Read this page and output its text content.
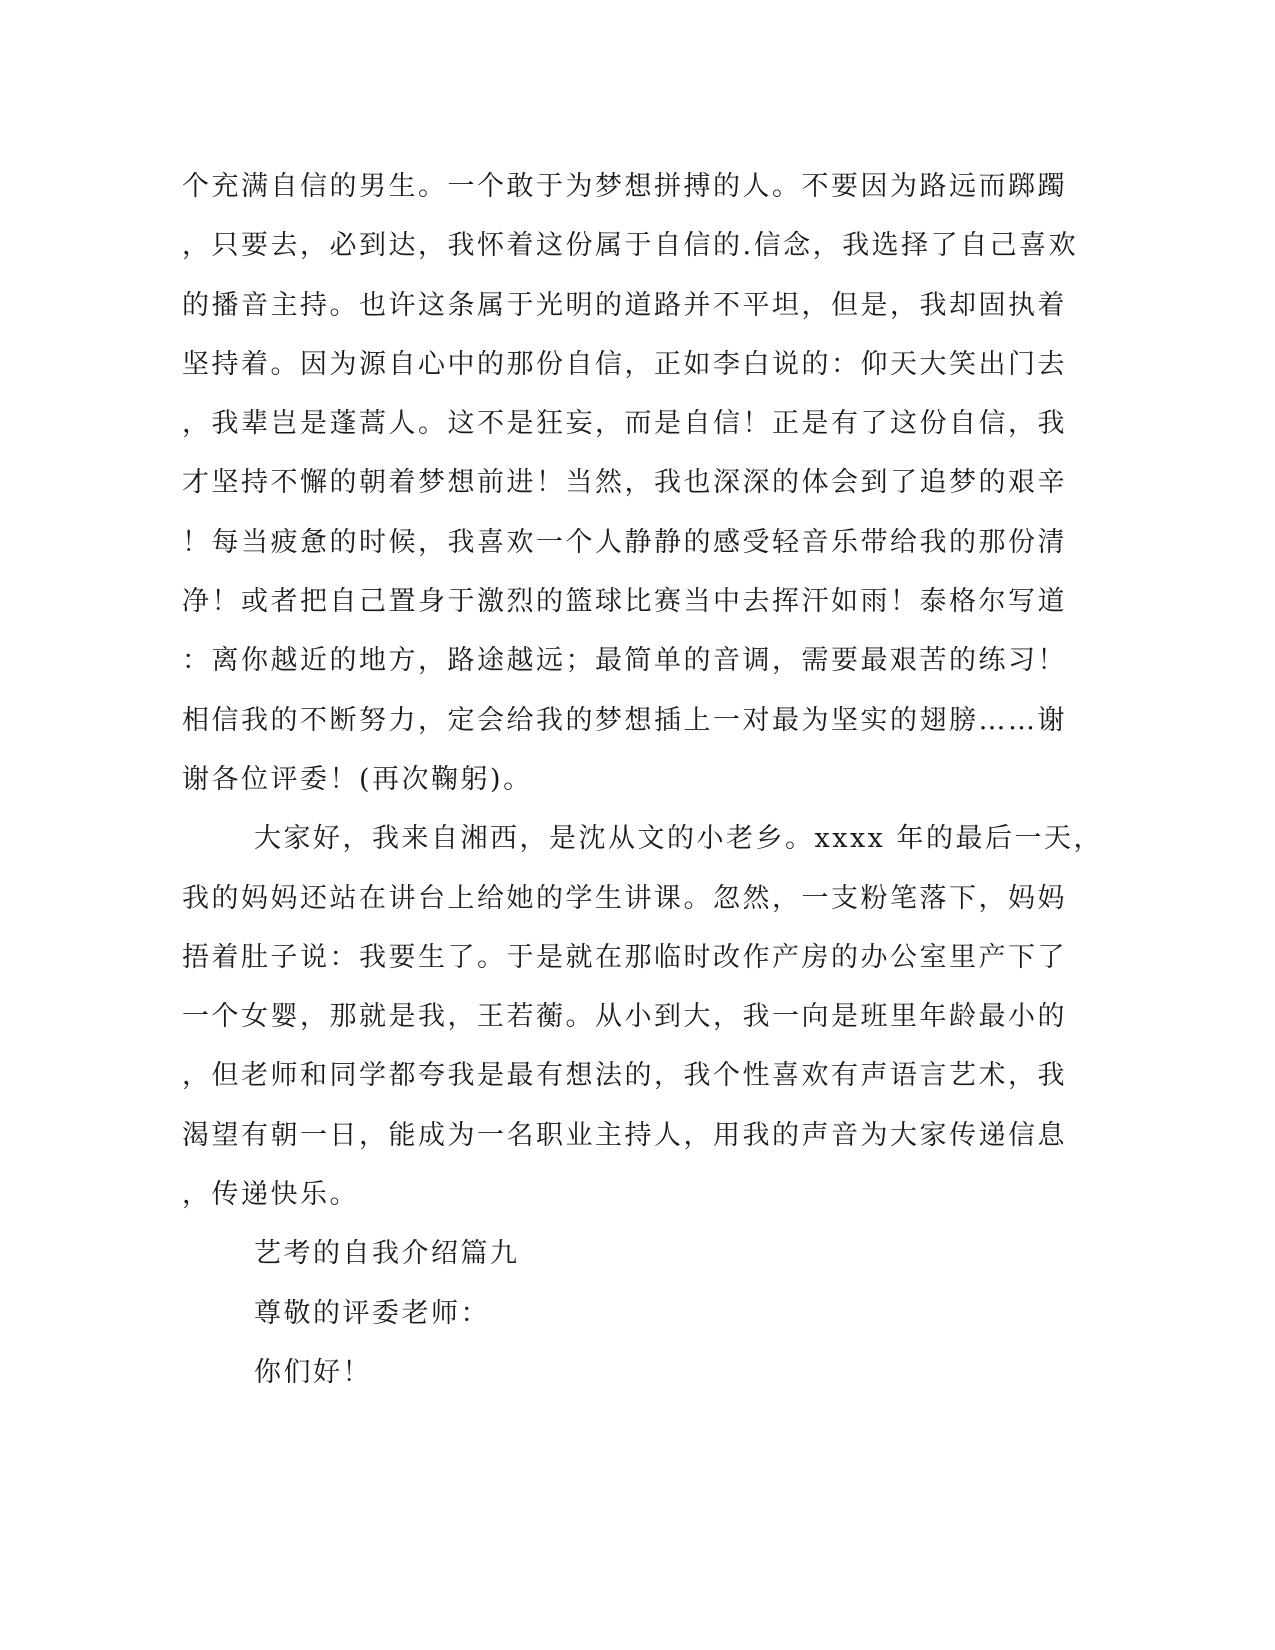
个充满自信的男生。一个敢于为梦想拼搏的人。不要因为路远而踯躅
，只要去，必到达，我怀着这份属于自信的.信念，我选择了自己喜欢
的播音主持。也许这条属于光明的道路并不平坦，但是，我却固执着
坚持着。因为源自心中的那份自信，正如李白说的：仰天大笑出门去
，我辈岂是蓬蒿人。这不是狂妄，而是自信！正是有了这份自信，我
才坚持不懈的朝着梦想前进！当然，我也深深的体会到了追梦的艰辛
！每当疲惫的时候，我喜欢一个人静静的感受轻音乐带给我的那份清
净！或者把自己置身于激烈的篮球比赛当中去挥汗如雨！泰格尔写道
：离你越近的地方，路途越远；最简单的音调，需要最艰苦的练习！
相信我的不断努力，定会给我的梦想插上一对最为坚实的翅膀……谢
谢各位评委！(再次鞠躬)。
大家好，我来自湘西，是沈从文的小老乡。xxxx 年的最后一天，
我的妈妈还站在讲台上给她的学生讲课。忽然，一支粉笔落下，妈妈
捂着肚子说：我要生了。于是就在那临时改作产房的办公室里产下了
一个女婴，那就是我，王若蘅。从小到大，我一向是班里年龄最小的
，但老师和同学都夸我是最有想法的，我个性喜欢有声语言艺术，我
渴望有朝一日，能成为一名职业主持人，用我的声音为大家传递信息
，传递快乐。
艺考的自我介绍篇九
尊敬的评委老师：
你们好！
